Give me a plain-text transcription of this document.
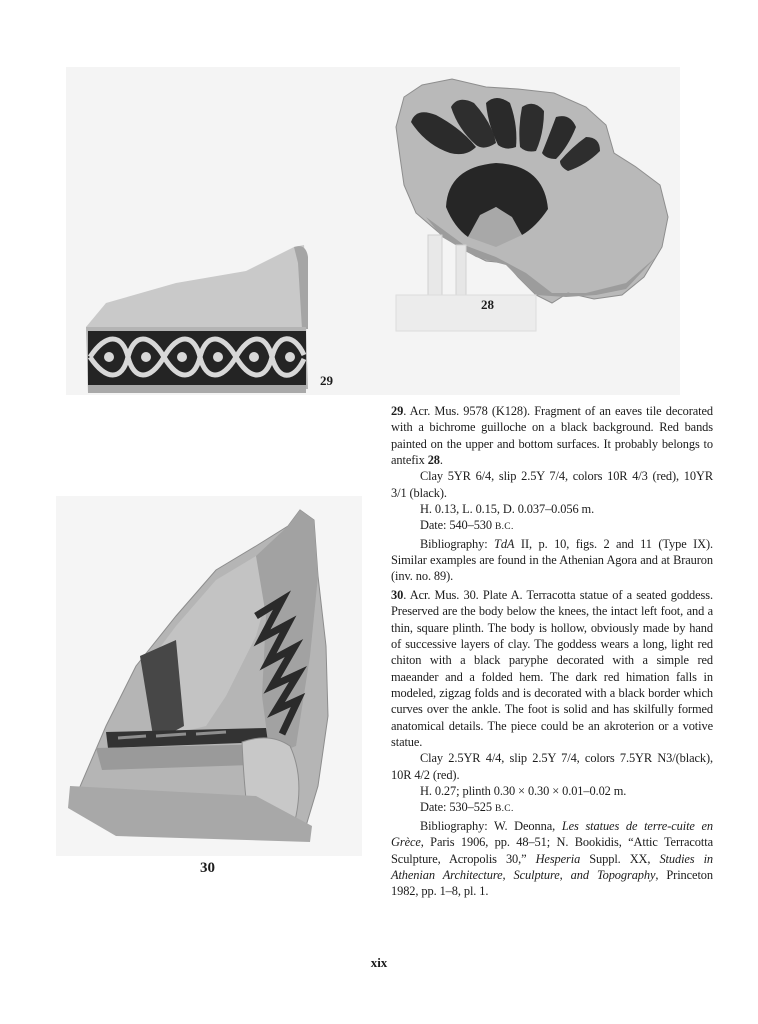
28
29
30

29. Acr. Mus. 9578 (K128). Fragment of an eaves tile decorated with a bichrome guilloche on a black background. Red bands painted on the upper and bottom surfaces. It probably belongs to antefix 28.

Clay 5YR 6/4, slip 2.5Y 7/4, colors 10R 4/3 (red), 10YR 3/1 (black).

H. 0.13, L. 0.15, D. 0.037–0.056 m.

Date: 540–530 B.C.

Bibliography: TdA II, p. 10, figs. 2 and 11 (Type IX). Similar examples are found in the Athenian Agora and at Brauron (inv. no. 89).

30. Acr. Mus. 30. Plate A. Terracotta statue of a seated goddess. Preserved are the body below the knees, the intact left foot, and a thin, square plinth. The body is hollow, obviously made by hand of successive layers of clay. The goddess wears a long, light red chiton with a black paryphe decorated with a simple red maeander and a folded hem. The dark red himation falls in modeled, zigzag folds and is decorated with a black border which curves over the ankle. The foot is solid and has skilfully formed anatomical details. The piece could be an akroterion or a votive statue.

Clay 2.5YR 4/4, slip 2.5Y 7/4, colors 7.5YR N3/(black), 10R 4/2 (red).

H. 0.27; plinth 0.30 × 0.30 × 0.01–0.02 m.

Date: 530–525 B.C.

Bibliography: W. Deonna, Les statues de terre-cuite en Grèce, Paris 1906, pp. 48–51; N. Bookidis, “Attic Terracotta Sculpture, Acropolis 30,” Hesperia Suppl. XX, Studies in Athenian Architecture, Sculpture, and Topography, Princeton 1982, pp. 1–8, pl. 1.

xix
